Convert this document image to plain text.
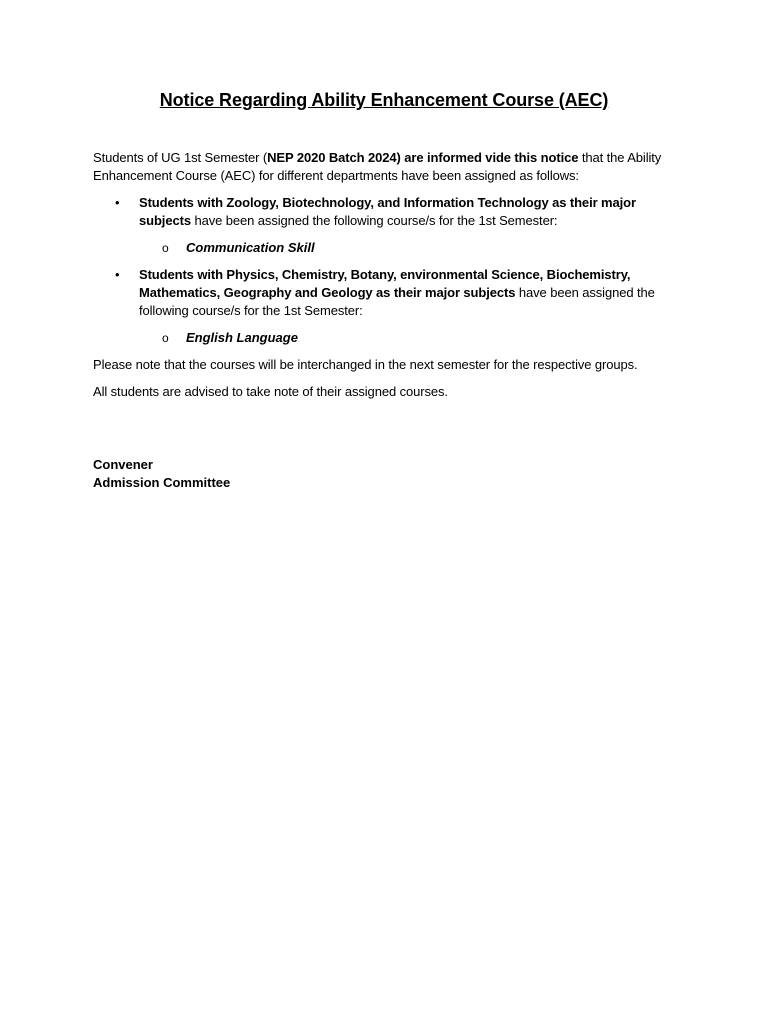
Notice Regarding Ability Enhancement Course (AEC)
Students of UG 1st Semester (NEP 2020 Batch 2024) are informed vide this notice that the Ability Enhancement Course (AEC) for different departments have been assigned as follows:
• Students with Zoology, Biotechnology, and Information Technology as their major subjects have been assigned the following course/s for the 1st Semester:
o Communication Skill
• Students with Physics, Chemistry, Botany, environmental Science, Biochemistry, Mathematics, Geography and Geology as their major subjects have been assigned the following course/s for the 1st Semester:
o English Language
Please note that the courses will be interchanged in the next semester for the respective groups.
All students are advised to take note of their assigned courses.
Convener
Admission Committee
